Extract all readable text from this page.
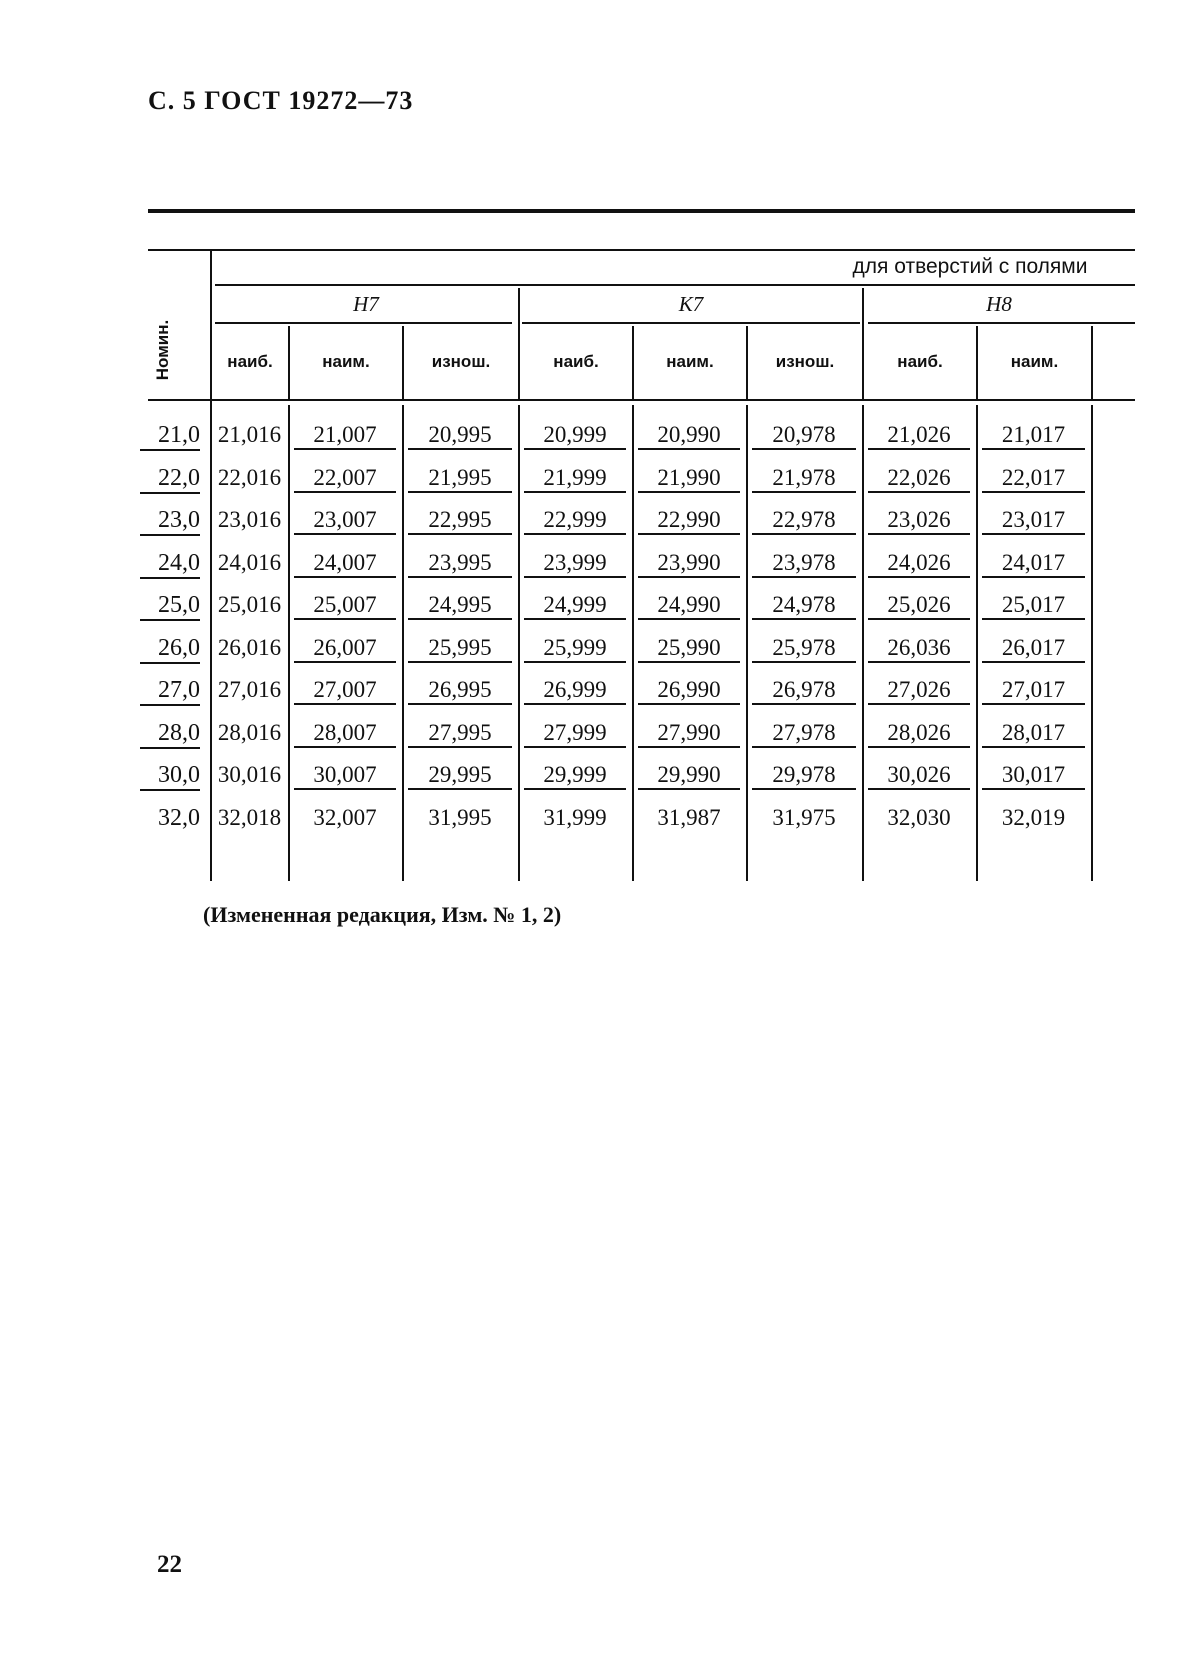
С. 5 ГОСТ 19272—73
для отверстий с полями
Номин.
H7	K7	H8
наиб.	наим.	изнош.	наиб.	наим.	изнош.	наиб.	наим.
21,0 21,016	21,007	20,995	20,999	20,990	20,978	21,026	21,017
22,0 22,016	22,007	21,995	21,999	21,990	21,978	22,026	22,017
23,0 23,016	23,007	22,995	22,999	22,990	22,978	23,026	23,017
24,0 24,016	24,007	23,995	23,999	23,990	23,978	24,026	24,017
25,0 25,016	25,007	24,995	24,999	24,990	24,978	25,026	25,017
26,0 26,016	26,007	25,995	25,999	25,990	25,978	26,036	26,017
27,0 27,016	27,007	26,995	26,999	26,990	26,978	27,026	27,017
28,0 28,016	28,007	27,995	27,999	27,990	27,978	28,026	28,017
30,0 30,016	30,007	29,995	29,999	29,990	29,978	30,026	30,017
32,0 32,018	32,007	31,995	31,999	31,987	31,975	32,030	32,019
(Измененная редакция, Изм. № 1, 2)
22
